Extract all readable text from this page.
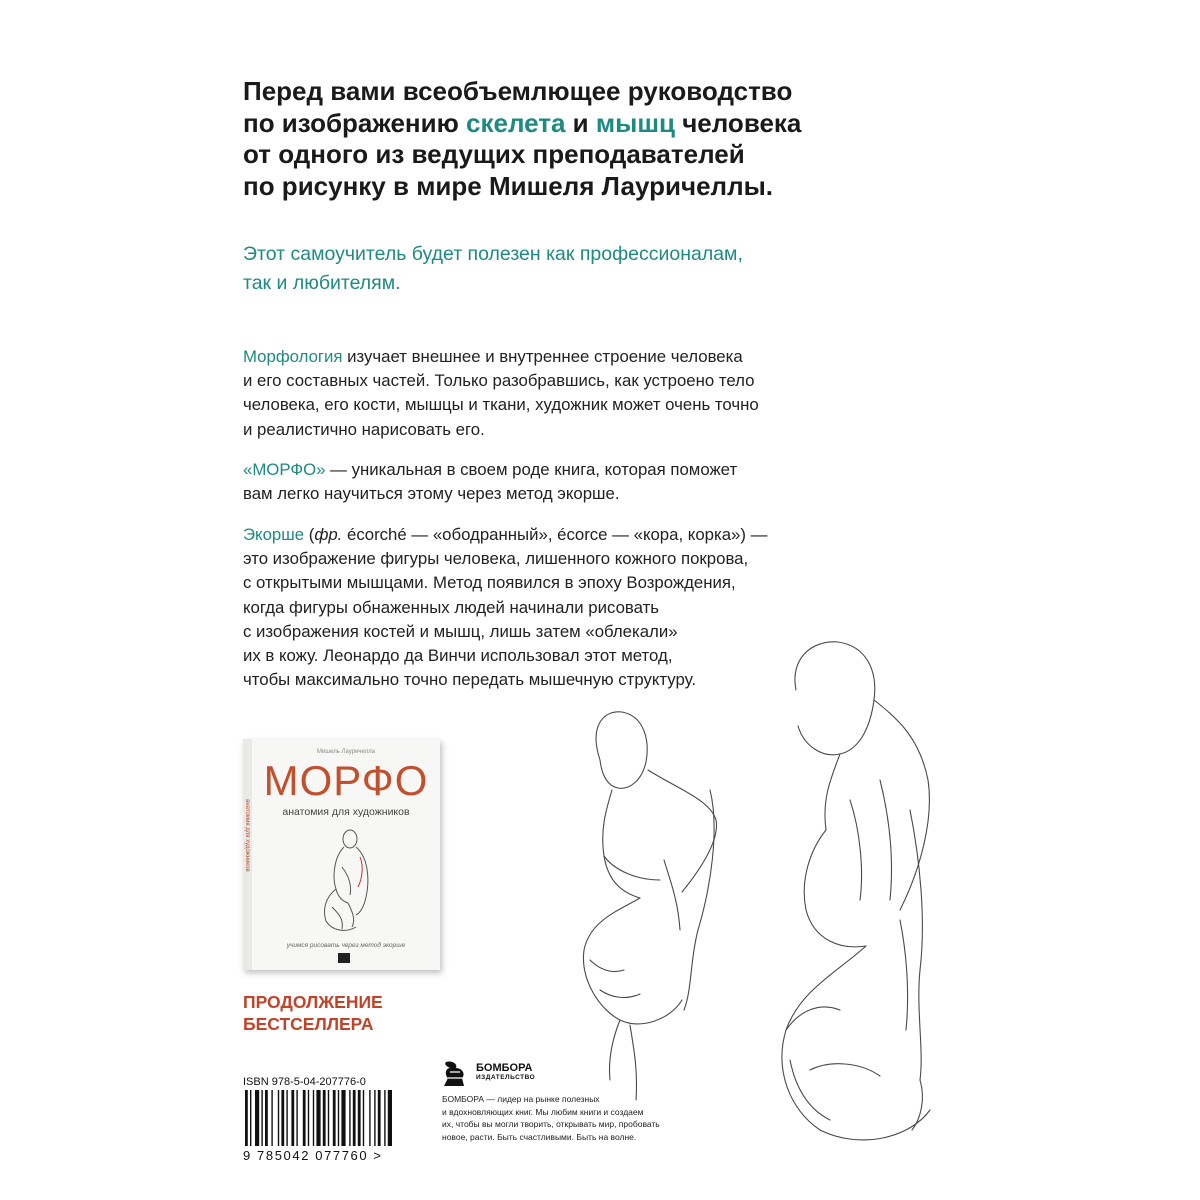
Перед вами всеобъемлющее руководство
по изображению скелета и мышц человека
от одного из ведущих преподавателей
по рисунку в мире Мишеля Лауричеллы.
Этот самоучитель будет полезен как профессионалам,
так и любителям.
Морфология изучает внешнее и внутреннее строение человека
и его составных частей. Только разобравшись, как устроено тело
человека, его кости, мышцы и ткани, художник может очень точно
и реалистично нарисовать его.
«МОРФО» — уникальная в своем роде книга, которая поможет
вам легко научиться этому через метод экорше.
Экорше (фр. écorché — «ободранный», écorce — «кора, корка») —
это изображение фигуры человека, лишенного кожного покрова,
с открытыми мышцами. Метод появился в эпоху Возрождения,
когда фигуры обнаженных людей начинали рисовать
с изображения костей и мышц, лишь затем «облекали»
их в кожу. Леонардо да Винчи использовал этот метод,
чтобы максимально точно передать мышечную структуру.
анатомия для художников
Мишель Лауричелла
МОРФО
анатомия для художников
учимся рисовать через метод экорше
ПРОДОЛЖЕНИЕ
БЕСТСЕЛЛЕРА
ISBN 978-5-04-207776-0
9 785042 077760 >
БОМБОРА
ИЗДАТЕЛЬСТВО
БОМБОРА — лидер на рынке полезных
и вдохновляющих книг. Мы любим книги и создаем
их, чтобы вы могли творить, открывать мир, пробовать
новое, расти. Быть счастливыми. Быть на волне.
